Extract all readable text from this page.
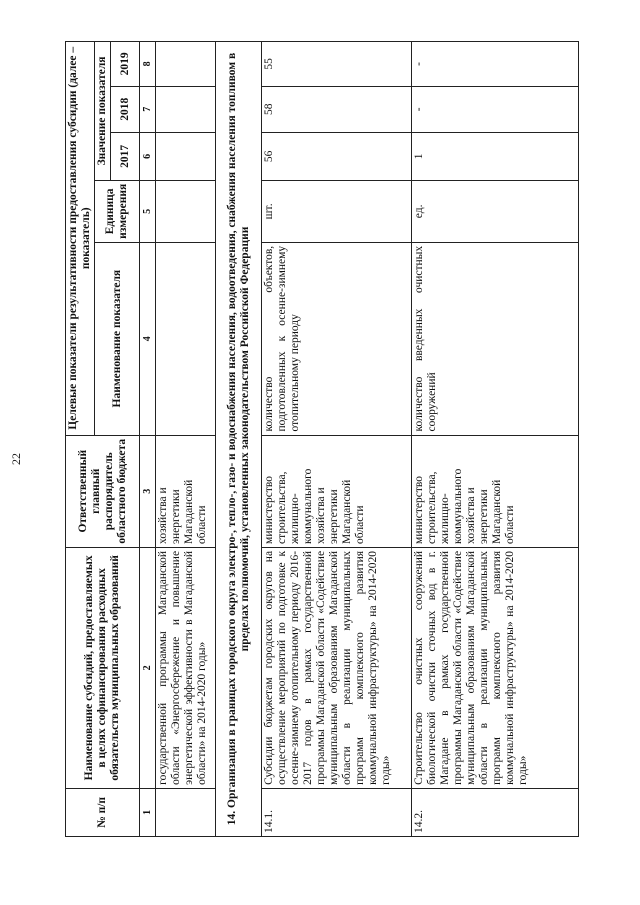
22
№ п/п	Наименование субсидий, предоставляемых в целях софинансирования расходных обязательств муниципальных образований	Ответственный главный распорядитель областного бюджета	Целевые показатели результативности предоставления субсидии (далее – показатель)				
			Наименование показателя	Единица измерения	Значение показателя		
					2017	2018	2019
1	2	3	4	5	6	7	8
	государственной программы Магаданской области «Энергосбережение и повышение энергетической эффективности в Магаданской области» на 2014-2020 годы»	хозяйства и энергетики Магаданской области					
14. Организация в границах городского округа электро-, тепло-, газо- и водоснабжения населения, водоотведения, снабжения населения топливом в пределах полномочий, установленных законодательством Российской Федерации							
14.1.	Субсидии бюджетам городских округов на осуществление мероприятий по подготовке к осенне-зимнему отопительному периоду 2016-2017 годов в рамках государственной программы Магаданской области «Содействие муниципальным образованиям Магаданской области в реализации муниципальных программ комплексного развития коммунальной инфраструктуры» на 2014-2020 годы»	министерство строительства, жилищно-коммунального хозяйства и энергетики Магаданской области	количество объектов, подготовленных к осенне-зимнему отопительному периоду	шт.	56	58	55
14.2.	Строительство очистных сооружений биологической очистки сточных вод в г. Магадане в рамках государственной программы Магаданской области «Содействие муниципальным образованиям Магаданской области в реализации муниципальных программ комплексного развития коммунальной инфраструктуры» на 2014-2020 годы»	министерство строительства, жилищно-коммунального хозяйства и энергетики Магаданской области	количество введенных очистных сооружений	ед.	1	-	-
